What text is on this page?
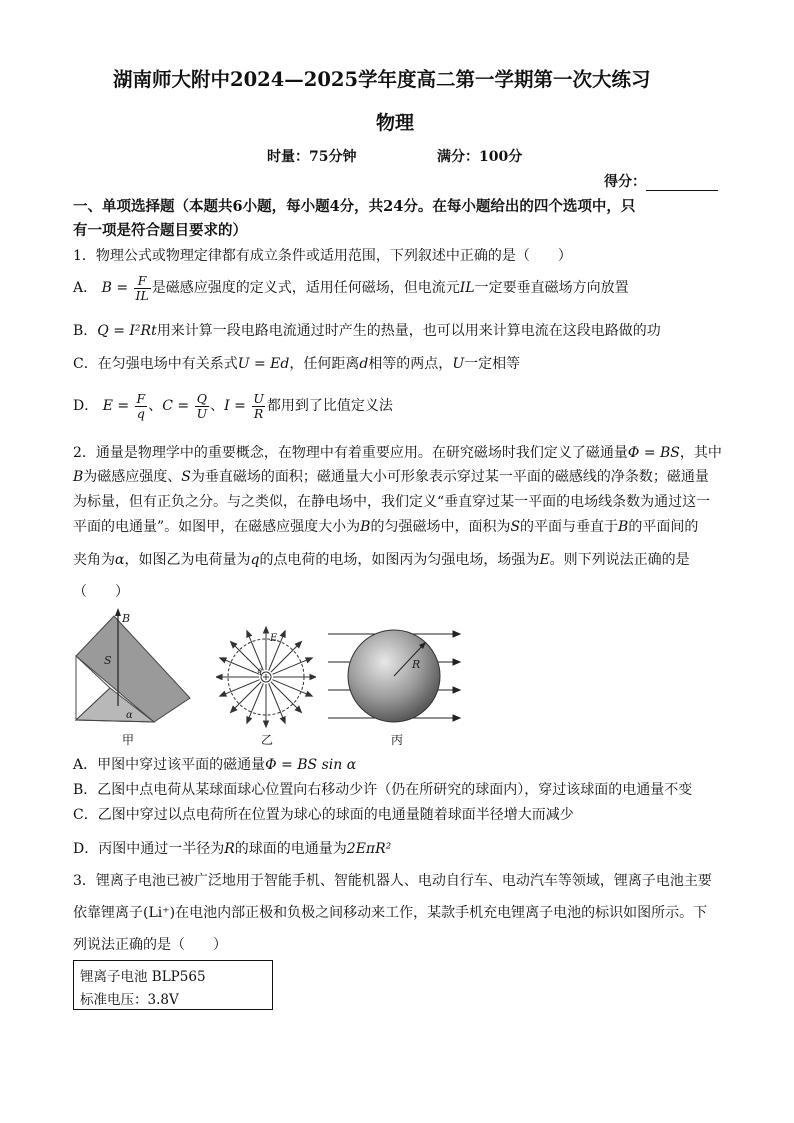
湖南师大附中2024—2025学年度高二第一学期第一次大练习
物理
时量：75分钟	满分：100分
得分：
一、单项选择题（本题共6小题，每小题4分，共24分。在每小题给出的四个选项中，只
有一项是符合题目要求的）
1．物理公式或物理定律都有成立条件或适用范围，下列叙述中正确的是（　　）
A． $B = \frac{F}{IL}$ 是磁感应强度的定义式，适用任何磁场，但电流元IL一定要垂直磁场方向放置
B．Q = I²Rt用来计算一段电路电流通过时产生的热量，也可以用来计算电流在这段电路做的功
C．在匀强电场中有关系式U = Ed，任何距离d相等的两点，U一定相等
D． $E = \frac{F}{q}$ 、$C = \frac{Q}{U}$ 、$I = \frac{U}{R}$ 都用到了比值定义法
2．通量是物理学中的重要概念，在物理中有着重要应用。在研究磁场时我们定义了磁通量Φ = BS，其中
B为磁感应强度、S为垂直磁场的面积；磁通量大小可形象表示穿过某一平面的磁感线的净条数；磁通量
为标量，但有正负之分。与之类似，在静电场中，我们定义“垂直穿过某一平面的电场线条数为通过这一
平面的电通量”。如图甲，在磁感应强度大小为B的匀强磁场中，面积为S的平面与垂直于B的平面间的
夹角为α，如图乙为电荷量为q的点电荷的电场，如图丙为匀强电场，场强为E。则下列说法正确的是
（　　）
B
S
α
甲
E
q
乙
R
丙
A．甲图中穿过该平面的磁通量Φ = BS sin α
B．乙图中点电荷从某球面球心位置向右移动少许（仍在所研究的球面内），穿过该球面的电通量不变
C．乙图中穿过以点电荷所在位置为球心的球面的电通量随着球面半径增大而减少
D．丙图中通过一半径为R的球面的电通量为2EπR²
3．锂离子电池已被广泛地用于智能手机、智能机器人、电动自行车、电动汽车等领域，锂离子电池主要
依靠锂离子(Li⁺)在电池内部正极和负极之间移动来工作，某款手机充电锂离子电池的标识如图所示。下
列说法正确的是（　　）
锂离子电池 BLP565
标准电压：3.8V
